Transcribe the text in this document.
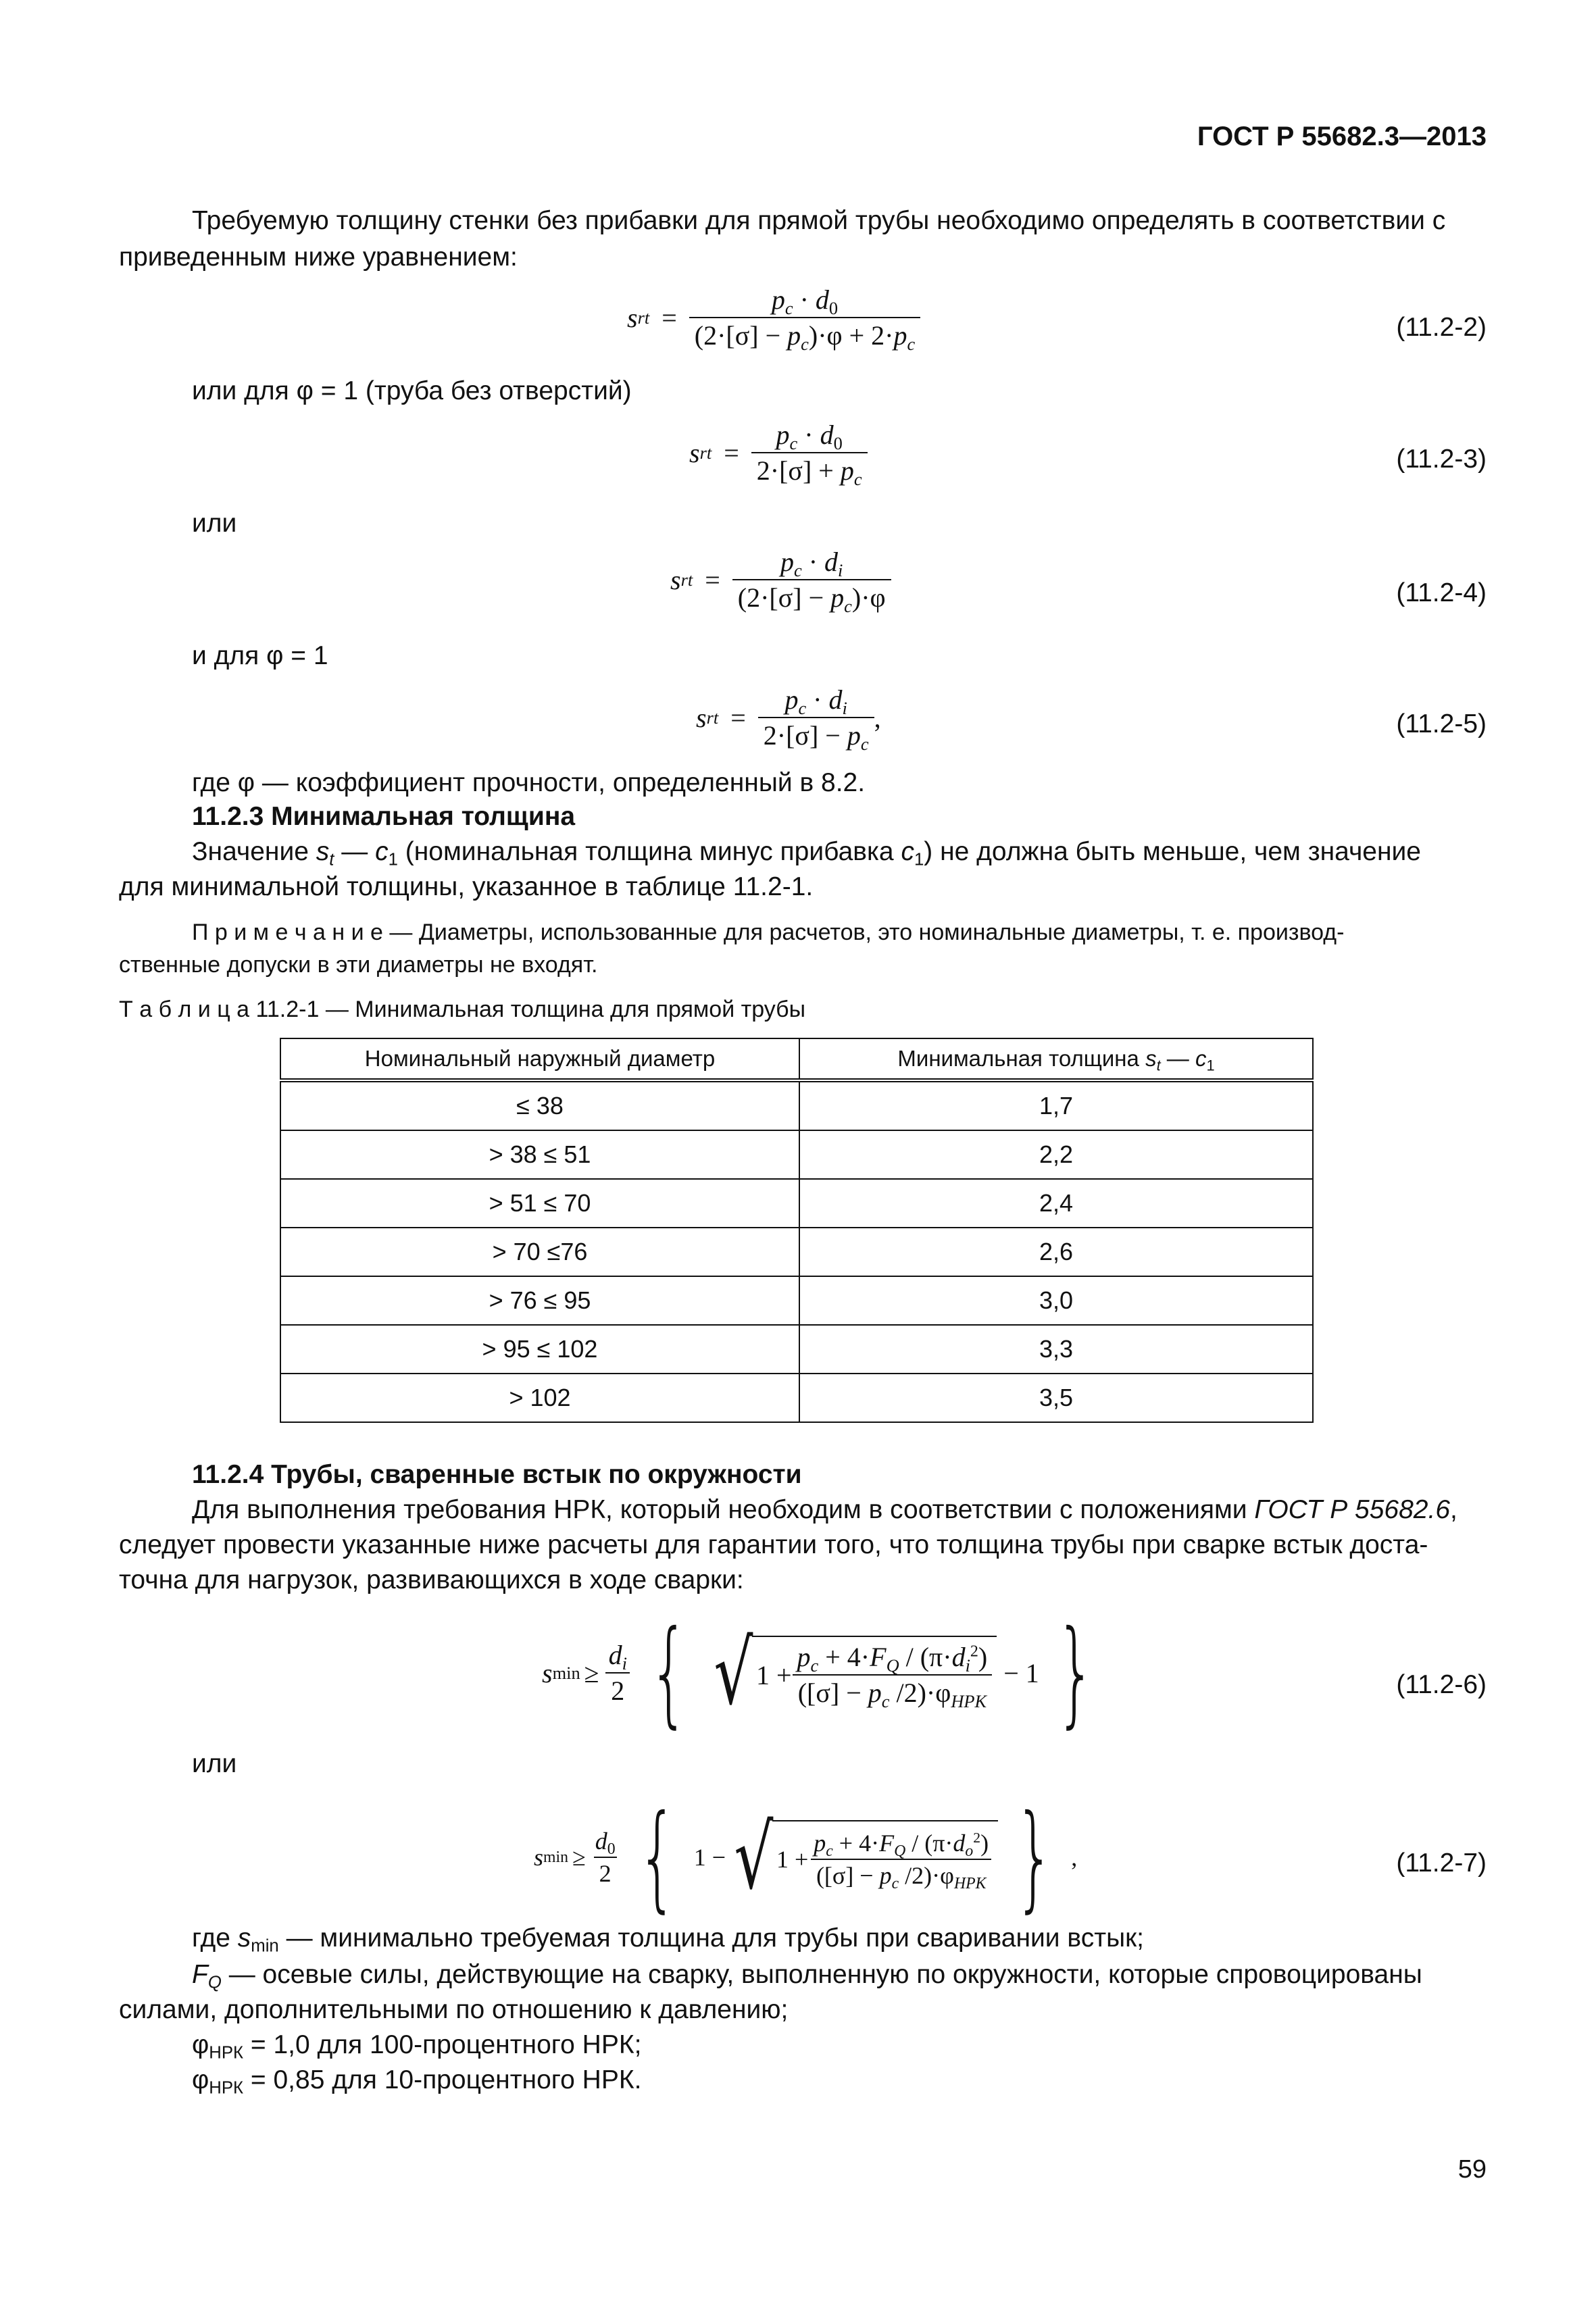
ГОСТ Р 55682.3—2013
Требуемую толщину стенки без прибавки для прямой трубы необходимо определять в соответствии с
приведенным ниже уравнением:
s rt = $\frac{p_c \cdot d_0}{(2\cdot[\sigma] - p_c)\cdot\varphi + 2\cdot p_c}$	(11.2-2)
или для φ = 1 (труба без отверстий)
s rt = $\frac{p_c \cdot d_0}{2\cdot[\sigma] + p_c}$	(11.2-3)
или
s rt = $\frac{p_c \cdot d_i}{(2\cdot[\sigma] - p_c)\cdot\varphi}$	(11.2-4)
и для φ = 1
s rt = $\frac{p_c \cdot d_i}{2\cdot[\sigma] - p_c}$ ,	(11.2-5)
где φ — коэффициент прочности, определенный в 8.2.
11.2.3 Минимальная толщина
Значение $s_t$ — $c_1$ (номинальная толщина минус прибавка $c_1$) не должна быть меньше, чем значение
для минимальной толщины, указанное в таблице 11.2-1.
П р и м е ч а н и е — Диаметры, использованные для расчетов, это номинальные диаметры, т. е. производ-
ственные допуски в эти диаметры не входят.
Т а б л и ц а 11.2-1 — Минимальная толщина для прямой трубы
Номинальный наружный диаметр	Минимальная толщина $s_t$ — $c_1$
≤ 38	1,7
> 38 ≤ 51	2,2
> 51 ≤ 70	2,4
> 70 ≤76	2,6
> 76 ≤ 95	3,0
> 95 ≤ 102	3,3
> 102	3,5
11.2.4 Трубы, сваренные встык по окружности
Для выполнения требования НРК, который необходим в соответствии с положениями ГОСТ Р 55682.6,
следует провести указанные ниже расчеты для гарантии того, что толщина трубы при сварке встык доста-
точна для нагрузок, развивающихся в ходе сварки:
s $\min \ge \frac{d_i}{2}$ { √ $1 + \frac{p_c + 4\cdot F_Q / (\pi\cdot d_i^2)}{([\sigma] - p_c /2)\cdot\varphi_{НРК}} - 1$ }	(11.2-6)
или
s $\min \ge \frac{d_0}{2}$ { 1 − √ $1 + \frac{p_c + 4\cdot F_Q / (\pi\cdot d_o^2)}{([\sigma] - p_c /2)\cdot\varphi_{НРК}}$ } ,	(11.2-7)
где $s_{min}$ — минимально требуемая толщина для трубы при сваривании встык;
$F_Q$ — осевые силы, действующие на сварку, выполненную по окружности, которые спровоцированы
силами, дополнительными по отношению к давлению;
$\varphi_{НРК} = 1,0$ для 100-процентного НРК;
$\varphi_{НРК} = 0,85$ для 10-процентного НРК.
59
